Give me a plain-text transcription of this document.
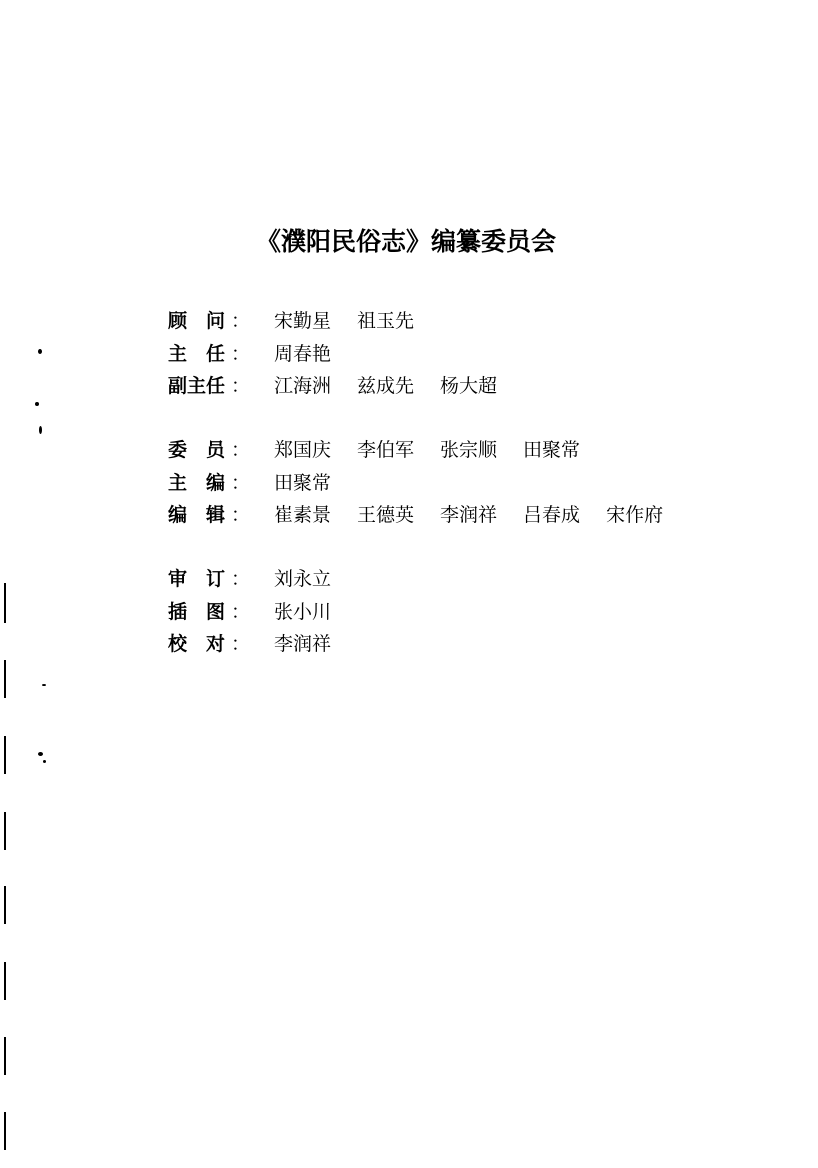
《濮阳民俗志》编纂委员会
顾 问 ： 宋勤星 祖玉先
主 任 ： 周春艳
副主任 ： 江海洲 兹成先 杨大超
委 员 ： 郑国庆 李伯军 张宗顺 田聚常
主 编 ： 田聚常
编 辑 ： 崔素景 王德英 李润祥 吕春成 宋作府
审 订 ： 刘永立
插 图 ： 张小川
校 对 ： 李润祥
